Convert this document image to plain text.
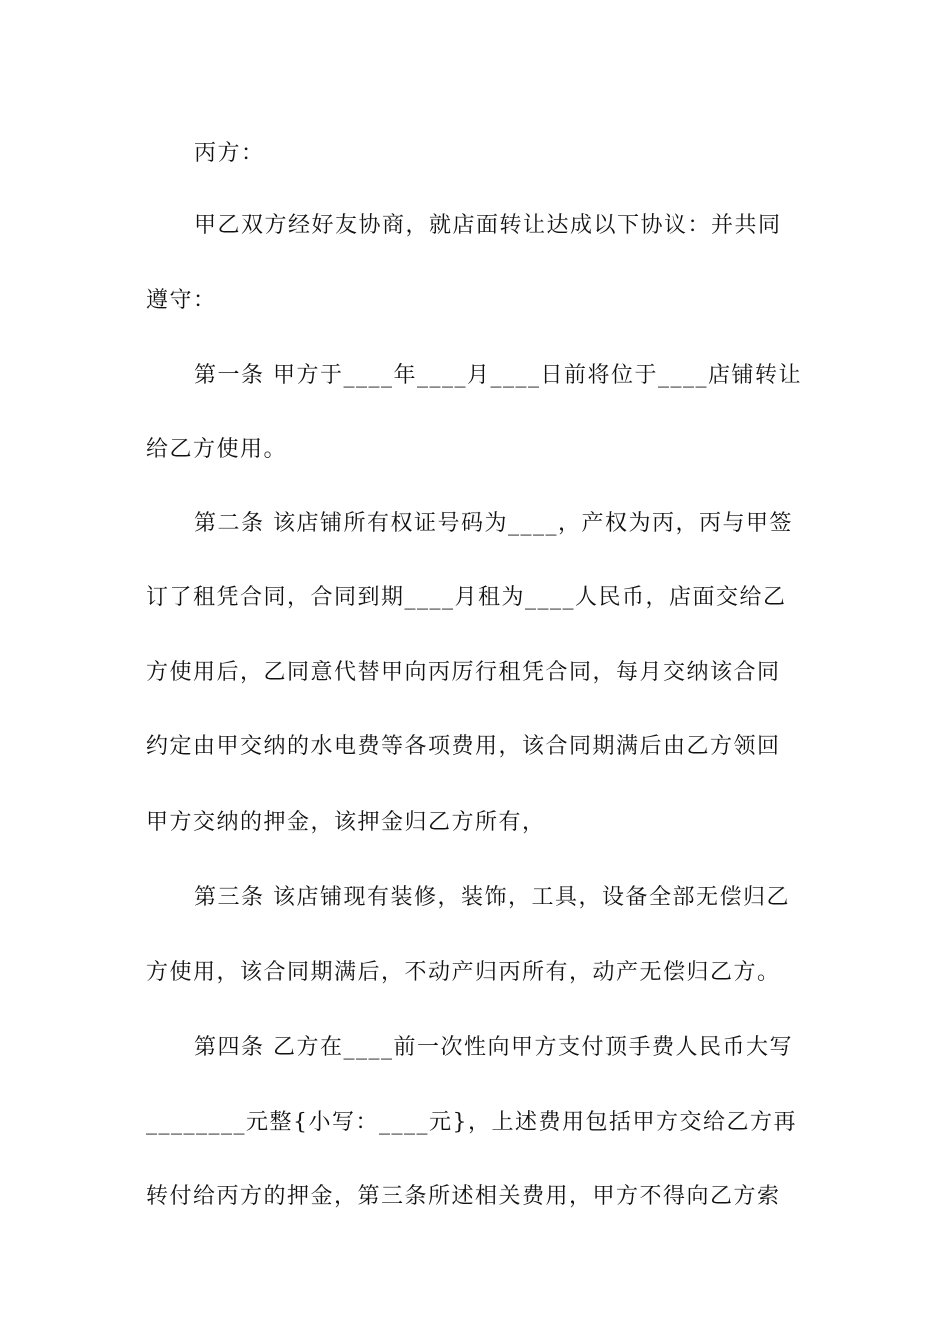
丙方：
甲乙双方经好友协商，就店面转让达成以下协议：并共同
遵守：
第一条 甲方于____年____月____日前将位于____店铺转让
给乙方使用。
第二条 该店铺所有权证号码为____，产权为丙，丙与甲签
订了租凭合同，合同到期____月租为____人民币，店面交给乙
方使用后，乙同意代替甲向丙厉行租凭合同，每月交纳该合同
约定由甲交纳的水电费等各项费用，该合同期满后由乙方领回
甲方交纳的押金，该押金归乙方所有，
第三条 该店铺现有装修，装饰，工具，设备全部无偿归乙
方使用，该合同期满后，不动产归丙所有，动产无偿归乙方。
第四条 乙方在____前一次性向甲方支付顶手费人民币大写
________元整{小写：____元}，上述费用包括甲方交给乙方再
转付给丙方的押金，第三条所述相关费用，甲方不得向乙方索
